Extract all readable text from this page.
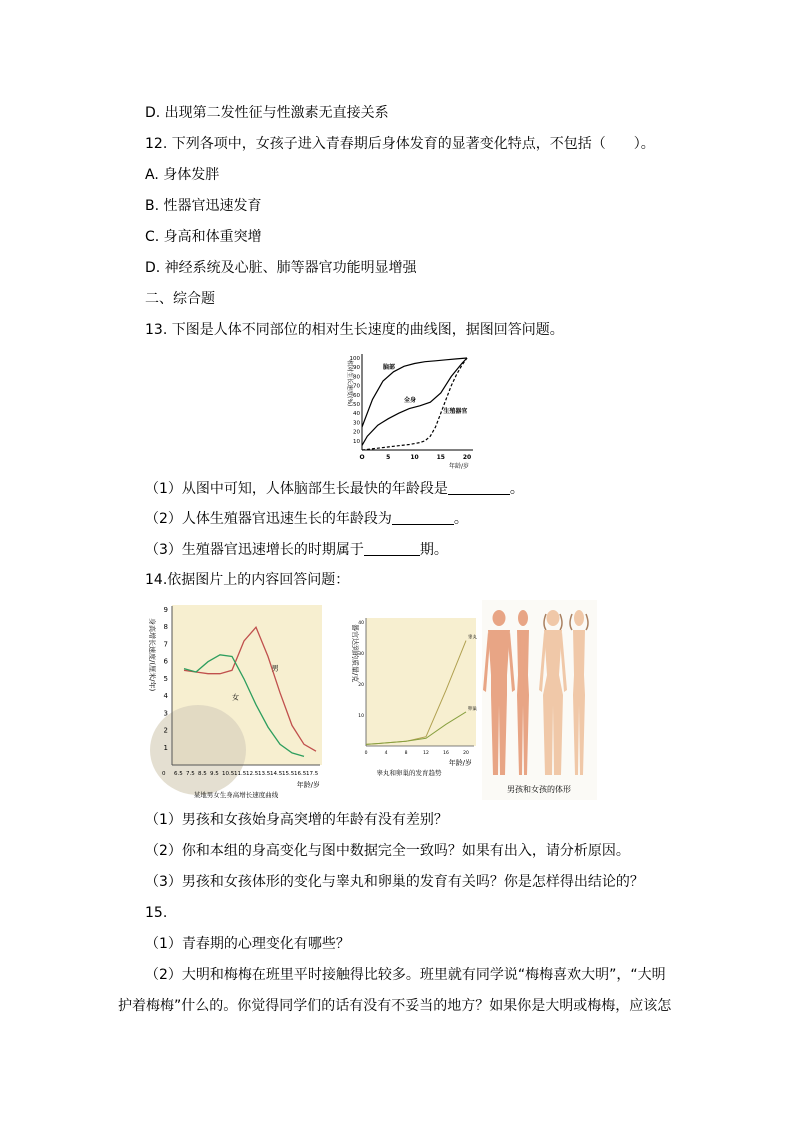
D. 出现第二发性征与性激素无直接关系
12. 下列各项中，女孩子进入青春期后身体发育的显著变化特点，不包括（　　）。
A. 身体发胖
B. 性器官迅速发育
C. 身高和体重突增
D. 神经系统及心脏、肺等器官功能明显增强
二、综合题
13. 下图是人体不同部位的相对生长速度的曲线图，据图回答问题。
O	5	10	15	20
10
20
30
40
50
60
70
80
90
100
年龄/岁
相对生长速度(%)	脑部
全身
生殖器官
（1）从图中可知，人体脑部生长最快的年龄段是	。
（2）人体生殖器官迅速生长的年龄段为	。
（3）生殖器官迅速增长的时期属于	期。
14.依据图片上的内容回答问题：
0 6.5 7.5 8.5 9.5 10.5 11.5 12.5 13.5 14.5 15.5 16.5 17.5
1
2
3
4
5
6
7
8
9
年龄/岁
身高增长速度/(厘米/年)
某地男女生身高增长速度曲线
男
女
0	4	8	12	16	20
10
20
30
40
年龄/岁
器官达到的质量/克
睾丸和卵巢的发育趋势
睾丸
卵巢
男孩和女孩的体形
（1）男孩和女孩始身高突增的年龄有没有差别？
（2）你和本组的身高变化与图中数据完全一致吗？如果有出入，请分析原因。
（3）男孩和女孩体形的变化与睾丸和卵巢的发育有关吗？你是怎样得出结论的？
15.
（1）青春期的心理变化有哪些？
（2）大明和梅梅在班里平时接触得比较多。班里就有同学说“梅梅喜欢大明”，“大明
护着梅梅”什么的。你觉得同学们的话有没有不妥当的地方？如果你是大明或梅梅，应该怎
